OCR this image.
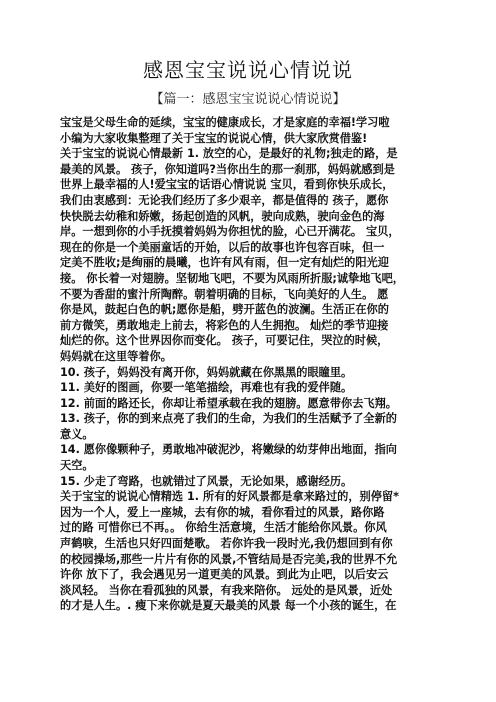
感恩宝宝说说心情说说
【篇一：感恩宝宝说说心情说说】
宝宝是父母生命的延续，宝宝的健康成长，才是家庭的幸福!学习啦
小编为大家收集整理了关于宝宝的说说心情，供大家欣赏借鉴!
关于宝宝的说说心情最新 1. 放空的心，是最好的礼物;独走的路，是
最美的风景。 孩子，你知道吗?当你出生的那一刹那，妈妈就感到是
世界上最幸福的人!爱宝宝的话语心情说说 宝贝，看到你快乐成长，
我们由衷感到：无论我们经历了多少艰辛，都是值得的 孩子，愿你
快快脱去幼稚和娇嫩，扬起创造的风帆，驶向成熟，驶向金色的海
岸。一想到你的小手抚摸着妈妈为你担忧的脸，心已开满花。 宝贝，
现在的你是一个美丽童话的开始，以后的故事也许包容百味，但一
定美不胜收;是绚丽的晨曦，也许有风有雨，但一定有灿烂的阳光迎
接。 你长着一对翅膀。坚韧地飞吧，不要为风雨所折服;诚挚地飞吧，
不要为香甜的蜜汁所陶醉。朝着明确的目标，飞向美好的人生。 愿
你是风，鼓起白色的帆;愿你是船，劈开蓝色的波澜。生活正在你的
前方微笑，勇敢地走上前去，将彩色的人生拥抱。 灿烂的季节迎接
灿烂的你。这个世界因你而变化。 孩子，可要记住，哭泣的时候，
妈妈就在这里等着你。
10. 孩子，妈妈没有离开你，妈妈就藏在你黑黑的眼瞳里。
11. 美好的图画，你要一笔笔描绘，再难也有我的爱伴随。
12. 前面的路还长，你却让希望承载在我的翅膀。愿意带你去飞翔。
13. 孩子，你的到来点亮了我们的生命，为我们的生活赋予了全新的
意义。
14. 愿你像颗种子，勇敢地冲破泥沙，将嫩绿的幼芽伸出地面，指向
天空。
15. 少走了弯路，也就错过了风景，无论如果，感谢经历。
关于宝宝的说说心情精选 1. 所有的好风景都是拿来路过的，别停留*
因为一个人，爱上一座城，去有你的城，看你看过的风景，路你路
过的路 可惜你已不再。。 你给生活意境，生活才能给你风景。你风
声鹤唳，生活也只好四面楚歌。 若你许我一段时光,我仍想回到有你
的校园操场,那些一片片有你的风景,不管结局是否完美,我的世界不允
许你 放下了，我会遇见另一道更美的风景。到此为止吧，以后安云
淡风轻。 当你在看孤独的风景，有我来陪你。 远处的是风景，近处
的才是人生。. 瘦下来你就是夏天最美的风景 每一个小孩的诞生，在
